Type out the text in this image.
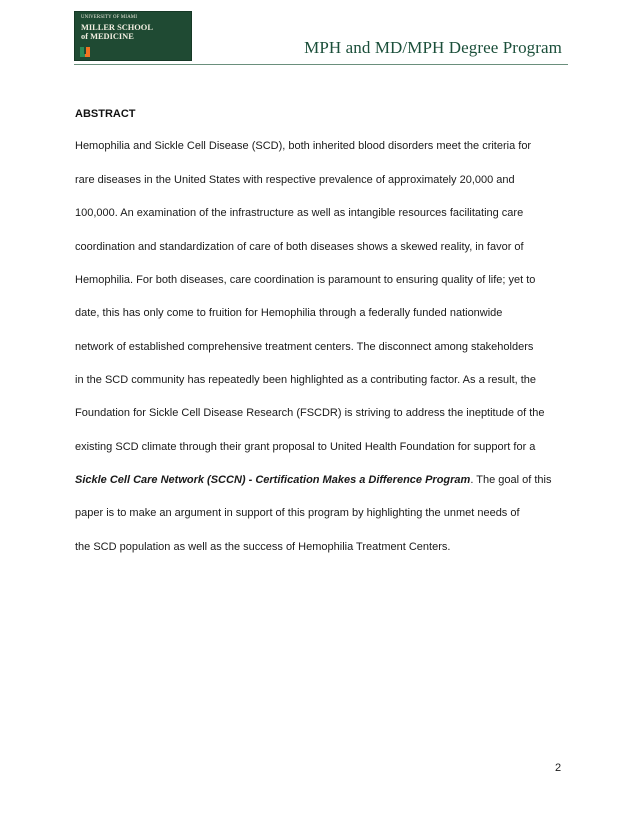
UNIVERSITY OF MIAMI
MILLER SCHOOL
of MEDICINE
MPH and MD/MPH Degree Program
ABSTRACT
Hemophilia and Sickle Cell Disease (SCD), both inherited blood disorders meet the criteria for
rare diseases in the United States with respective prevalence of approximately 20,000 and
100,000. An examination of the infrastructure as well as intangible resources facilitating care
coordination and standardization of care of both diseases shows a skewed reality, in favor of
Hemophilia. For both diseases, care coordination is paramount to ensuring quality of life; yet to
date, this has only come to fruition for Hemophilia through a federally funded nationwide
network of established comprehensive treatment centers. The disconnect among stakeholders
in the SCD community has repeatedly been highlighted as a contributing factor. As a result, the
Foundation for Sickle Cell Disease Research (FSCDR) is striving to address the ineptitude of the
existing SCD climate through their grant proposal to United Health Foundation for support for a
Sickle Cell Care Network (SCCN) - Certification Makes a Difference Program. The goal of this
paper is to make an argument in support of this program by highlighting the unmet needs of
the SCD population as well as the success of Hemophilia Treatment Centers.
2
